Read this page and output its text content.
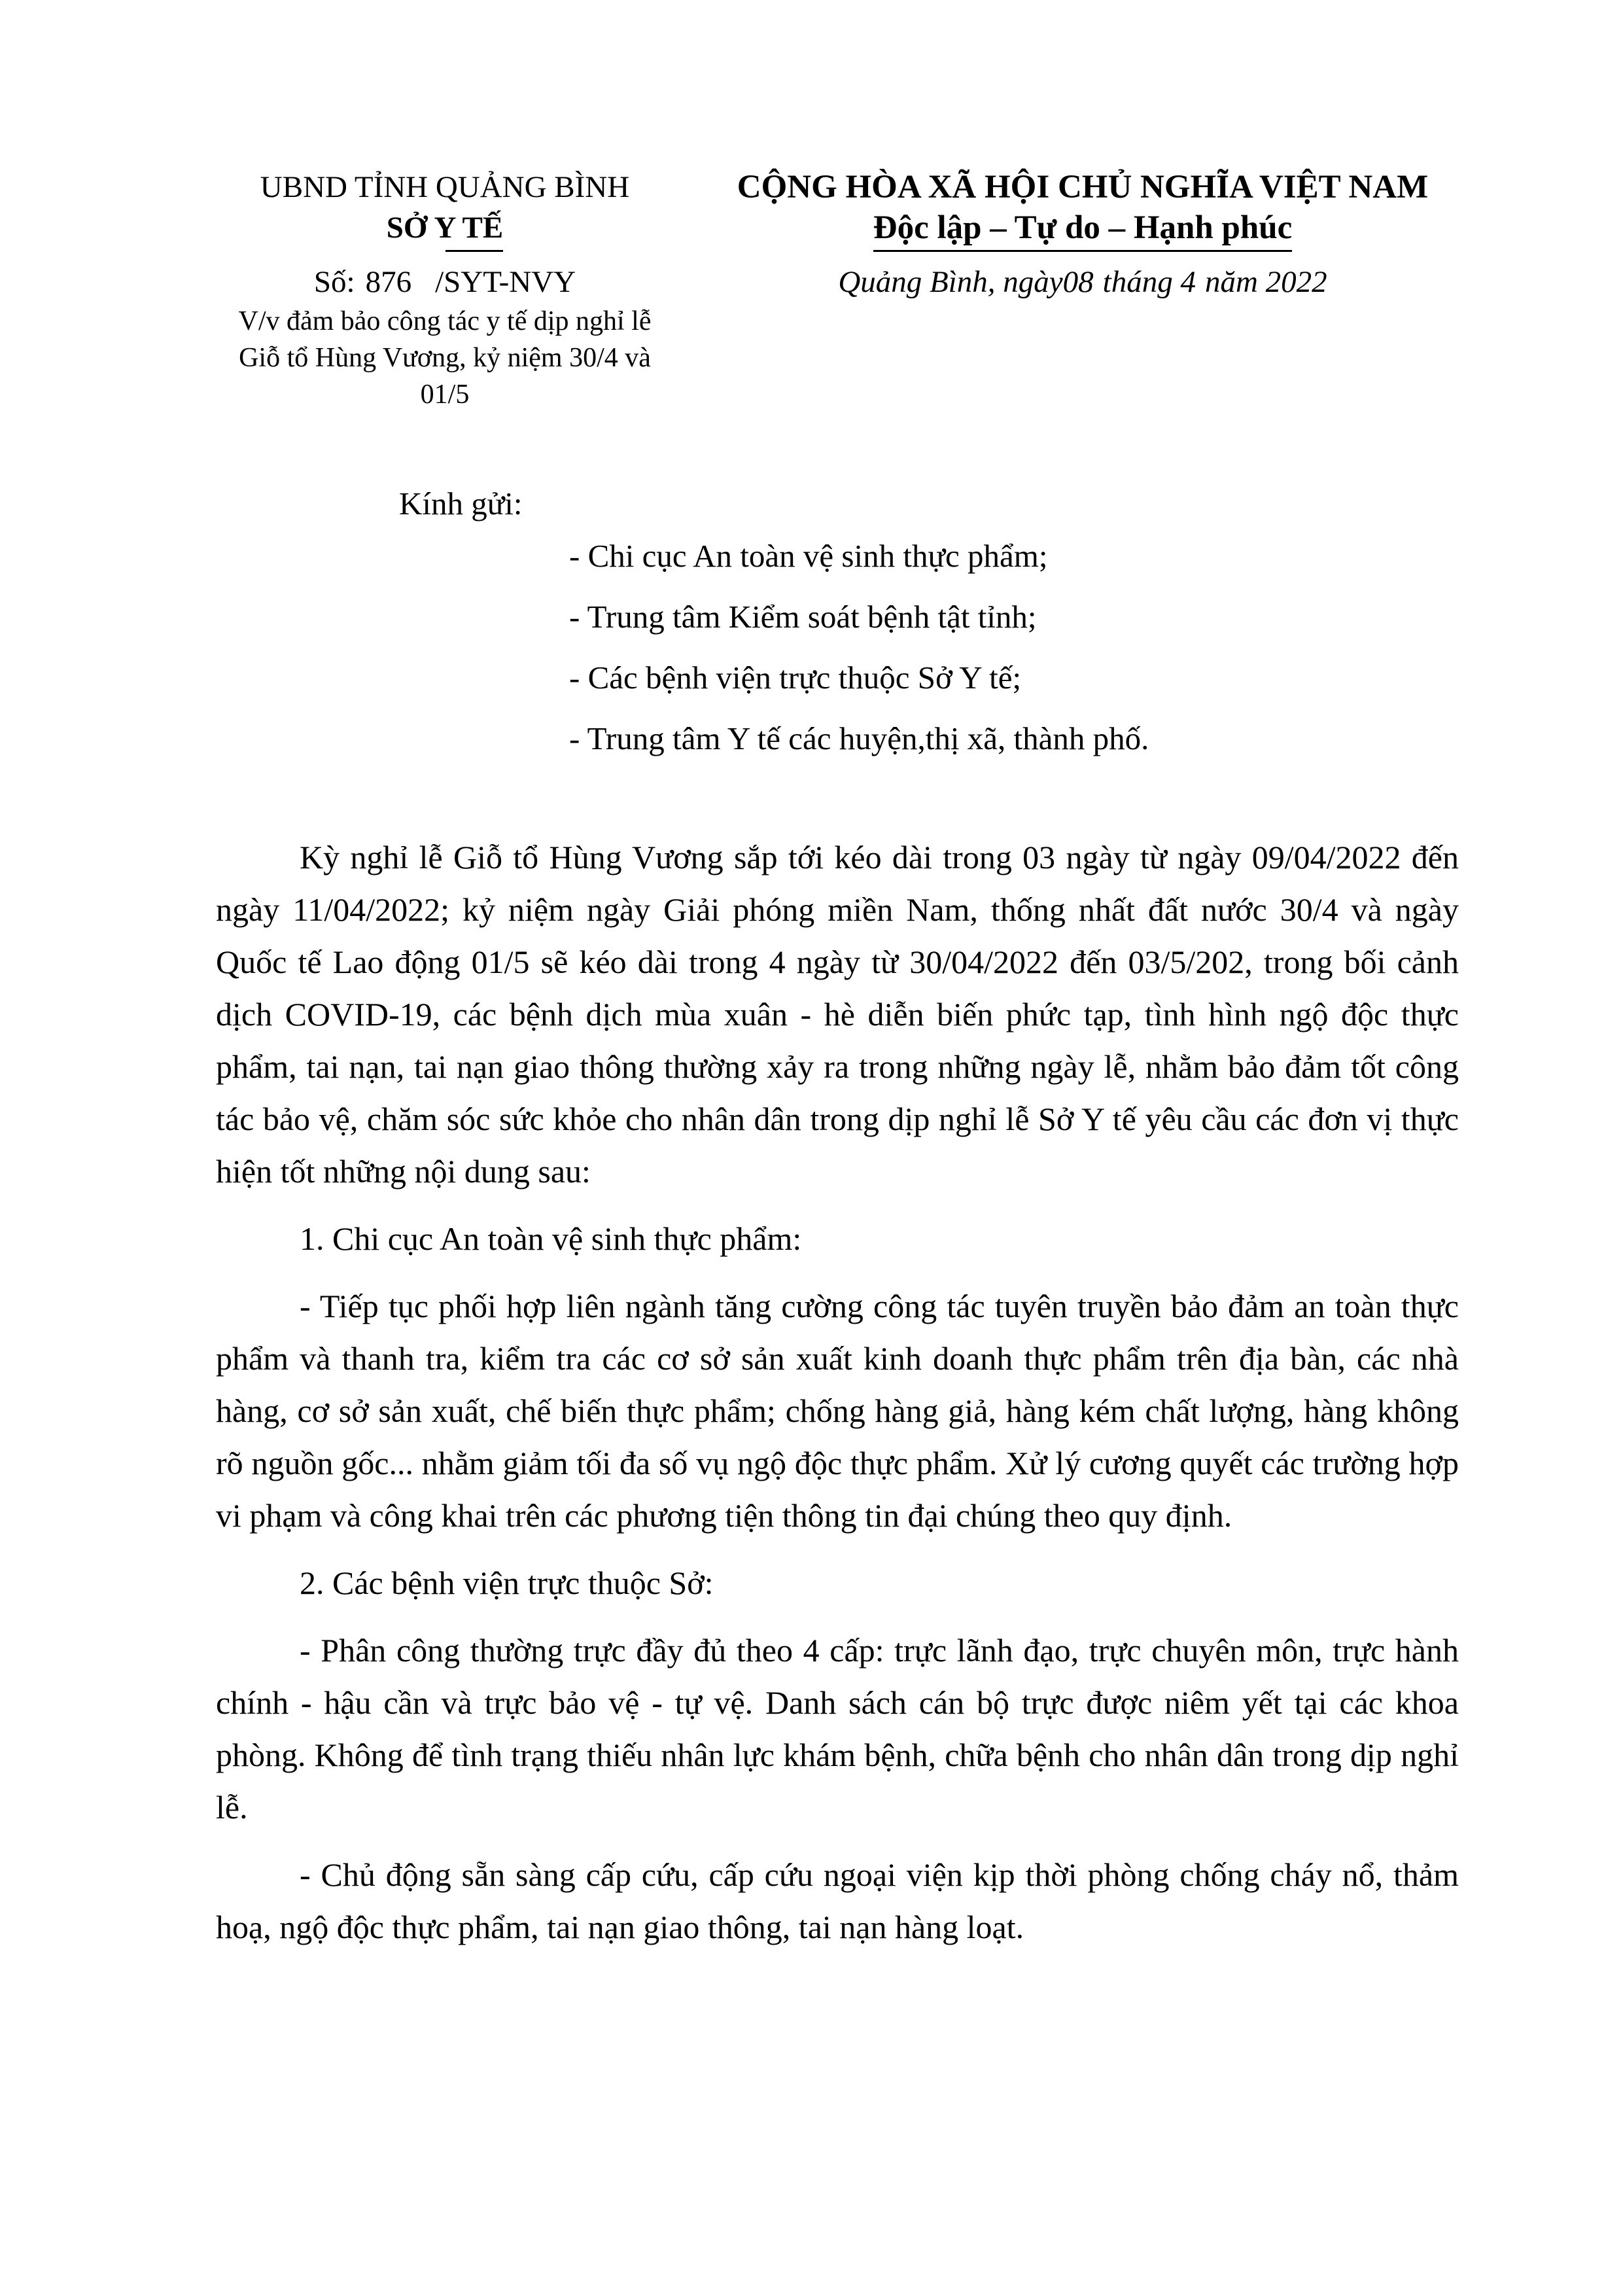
UBND TỈNH QUẢNG BÌNH
SỞ Y TẾ
Số: 876 /SYT-NVY
V/v đảm bảo công tác y tế dịp nghỉ lễ Giỗ tổ Hùng Vương, kỷ niệm 30/4 và 01/5
CỘNG HÒA XÃ HỘI CHỦ NGHĨA VIỆT NAM
Độc lập – Tự do – Hạnh phúc
Quảng Bình, ngày08 tháng 4 năm 2022
Kính gửi:
- Chi cục An toàn vệ sinh thực phẩm;
- Trung tâm Kiểm soát bệnh tật tỉnh;
- Các bệnh viện trực thuộc Sở Y tế;
- Trung tâm Y tế các huyện,thị xã, thành phố.

Kỳ nghỉ lễ Giỗ tổ Hùng Vương sắp tới kéo dài trong 03 ngày từ ngày 09/04/2022 đến ngày 11/04/2022; kỷ niệm ngày Giải phóng miền Nam, thống nhất đất nước 30/4 và ngày Quốc tế Lao động 01/5 sẽ kéo dài trong 4 ngày từ 30/04/2022 đến 03/5/202, trong bối cảnh dịch COVID-19, các bệnh dịch mùa xuân - hè diễn biến phức tạp, tình hình ngộ độc thực phẩm, tai nạn, tai nạn giao thông thường xảy ra trong những ngày lễ, nhằm bảo đảm tốt công tác bảo vệ, chăm sóc sức khỏe cho nhân dân trong dịp nghỉ lễ Sở Y tế yêu cầu các đơn vị thực hiện tốt những nội dung sau:

1. Chi cục An toàn vệ sinh thực phẩm:

- Tiếp tục phối hợp liên ngành tăng cường công tác tuyên truyền bảo đảm an toàn thực phẩm và thanh tra, kiểm tra các cơ sở sản xuất kinh doanh thực phẩm trên địa bàn, các nhà hàng, cơ sở sản xuất, chế biến thực phẩm; chống hàng giả, hàng kém chất lượng, hàng không rõ nguồn gốc... nhằm giảm tối đa số vụ ngộ độc thực phẩm. Xử lý cương quyết các trường hợp vi phạm và công khai trên các phương tiện thông tin đại chúng theo quy định.

2. Các bệnh viện trực thuộc Sở:

- Phân công thường trực đầy đủ theo 4 cấp: trực lãnh đạo, trực chuyên môn, trực hành chính - hậu cần và trực bảo vệ - tự vệ. Danh sách cán bộ trực được niêm yết tại các khoa phòng. Không để tình trạng thiếu nhân lực khám bệnh, chữa bệnh cho nhân dân trong dịp nghỉ lễ.

- Chủ động sẵn sàng cấp cứu, cấp cứu ngoại viện kịp thời phòng chống cháy nổ, thảm hoạ, ngộ độc thực phẩm, tai nạn giao thông, tai nạn hàng loạt.
